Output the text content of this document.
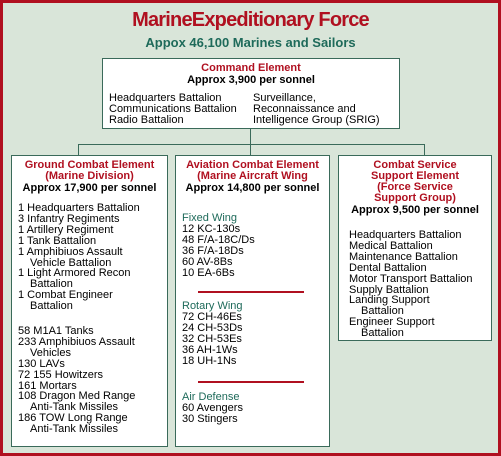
MarineExpeditionary Force
Appox 46,100 Marines and Sailors
Command Element
Approx 3,900 per sonnel
Headquarters Battalion
Communications Battalion
Radio Battalion
Surveillance,
Reconnaissance and
Intelligence Group (SRIG)
Ground Combat Element
(Marine Division)
Approx 17,900 per sonnel
1 Headquarters Battalion
3 Infantry Regiments
1 Artillery Regiment
1 Tank Battalion
1 Amphibiuos Assault
Vehicle Battalion
1 Light Armored Recon
Battalion
1 Combat Engineer
Battalion
58 M1A1 Tanks
233 Amphibiuos Assault
Vehicles
130 LAVs
72 155 Howitzers
161 Mortars
108 Dragon Med Range
Anti-Tank Missiles
186 TOW Long Range
Anti-Tank Missiles
Aviation Combat Element
(Marine Aircraft Wing
Approx 14,800 per sonnel
Fixed Wing
12 KC-130s
48 F/A-18C/Ds
36 F/A-18Ds
60 AV-8Bs
10 EA-6Bs
Rotary Wing
72 CH-46Es
24 CH-53Ds
32 CH-53Es
36 AH-1Ws
18 UH-1Ns
Air Defense
60 Avengers
30 Stingers
Combat Service
Support Element
(Force Service
Support Group)
Approx 9,500 per sonnel
Headquarters Battalion
Medical Battalion
Maintenance Battalion
Dental Battalion
Motor Transport Battalion
Supply Battalion
Landing Support
Battalion
Engineer Support
Battalion
